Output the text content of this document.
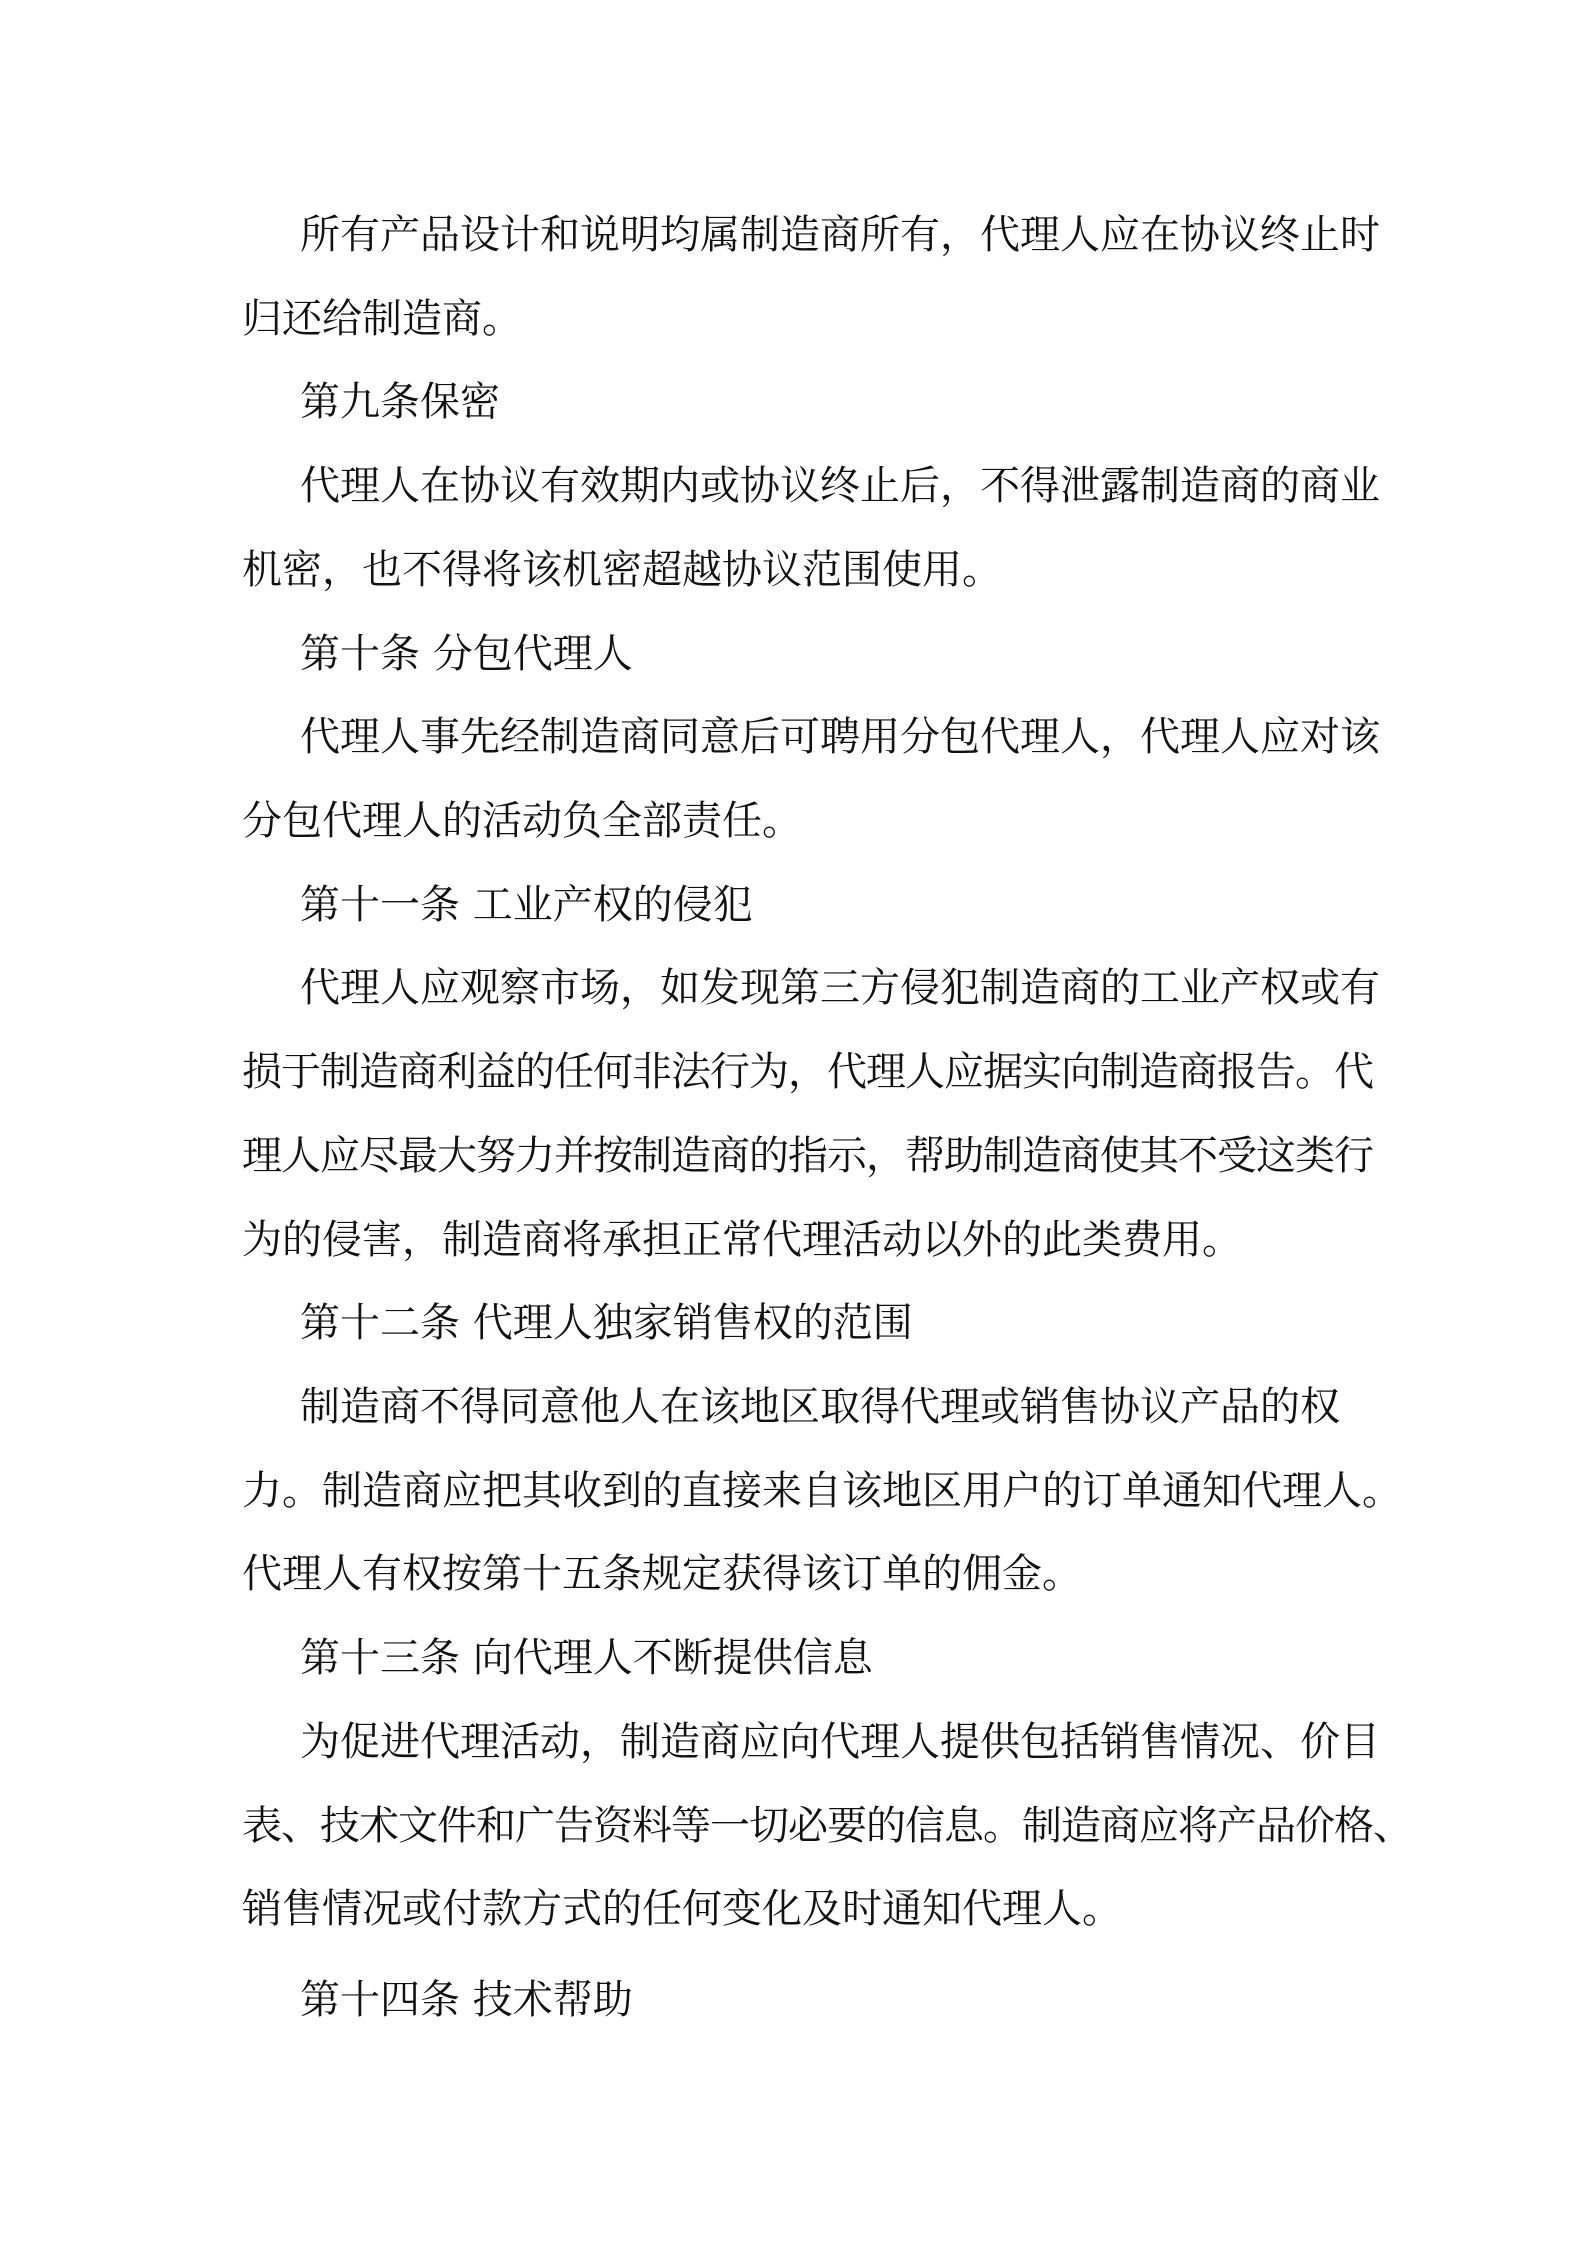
所有产品设计和说明均属制造商所有，代理人应在协议终止时
归还给制造商。
第九条保密
代理人在协议有效期内或协议终止后，不得泄露制造商的商业
机密，也不得将该机密超越协议范围使用。
第十条 分包代理人
代理人事先经制造商同意后可聘用分包代理人，代理人应对该
分包代理人的活动负全部责任。
第十一条 工业产权的侵犯
代理人应观察市场，如发现第三方侵犯制造商的工业产权或有
损于制造商利益的任何非法行为，代理人应据实向制造商报告。代
理人应尽最大努力并按制造商的指示，帮助制造商使其不受这类行
为的侵害，制造商将承担正常代理活动以外的此类费用。
第十二条 代理人独家销售权的范围
制造商不得同意他人在该地区取得代理或销售协议产品的权
力。制造商应把其收到的直接来自该地区用户的订单通知代理人。
代理人有权按第十五条规定获得该订单的佣金。
第十三条 向代理人不断提供信息
为促进代理活动，制造商应向代理人提供包括销售情况、价目
表、技术文件和广告资料等一切必要的信息。制造商应将产品价格、
销售情况或付款方式的任何变化及时通知代理人。
第十四条 技术帮助
